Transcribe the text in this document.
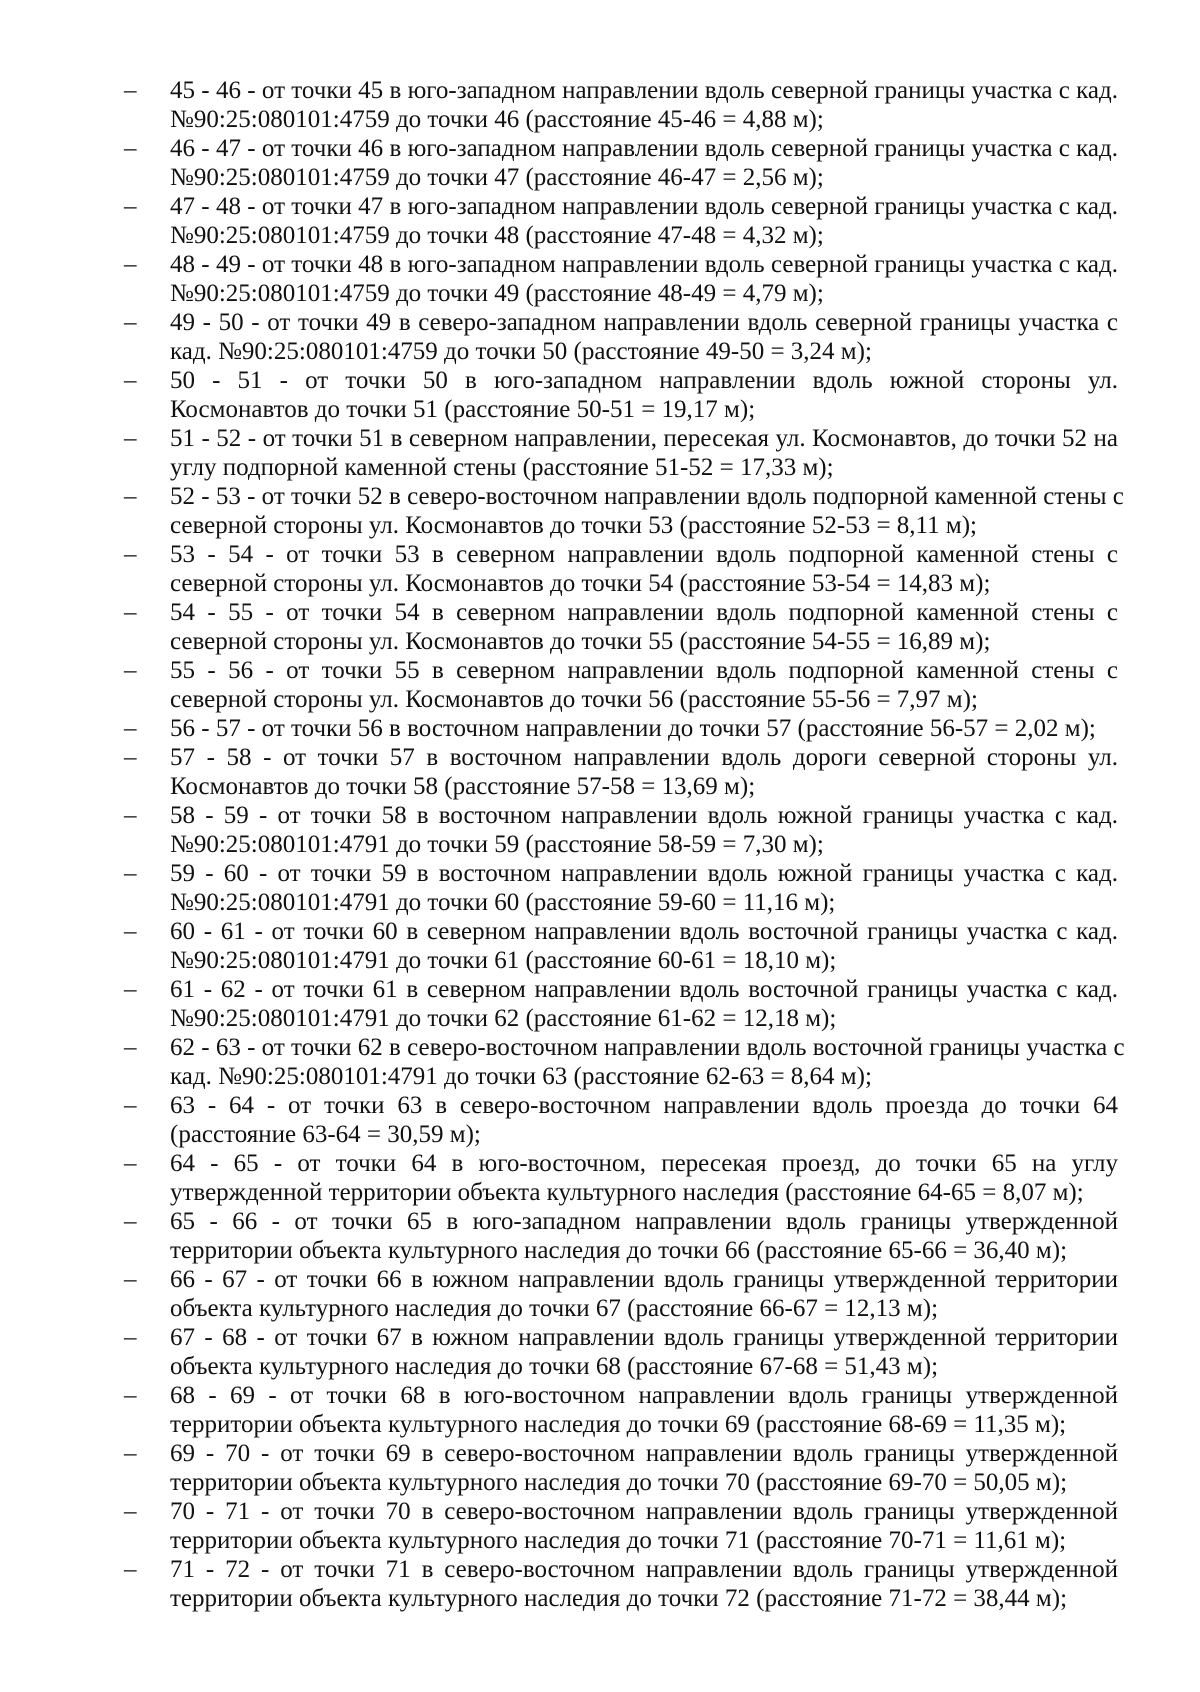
– 45 - 46 - от точки 45 в юго-западном направлении вдоль северной границы участка с кад.
№90:25:080101:4759 до точки 46 (расстояние 45-46 = 4,88 м);
– 46 - 47 - от точки 46 в юго-западном направлении вдоль северной границы участка с кад.
№90:25:080101:4759 до точки 47 (расстояние 46-47 = 2,56 м);
– 47 - 48 - от точки 47 в юго-западном направлении вдоль северной границы участка с кад.
№90:25:080101:4759 до точки 48 (расстояние 47-48 = 4,32 м);
– 48 - 49 - от точки 48 в юго-западном направлении вдоль северной границы участка с кад.
№90:25:080101:4759 до точки 49 (расстояние 48-49 = 4,79 м);
– 49 - 50 - от точки 49 в северо-западном направлении вдоль северной границы участка с
кад. №90:25:080101:4759 до точки 50 (расстояние 49-50 = 3,24 м);
– 50 - 51 - от точки 50 в юго-западном направлении вдоль южной стороны ул.
Космонавтов до точки 51 (расстояние 50-51 = 19,17 м);
– 51 - 52 - от точки 51 в северном направлении, пересекая ул. Космонавтов, до точки 52 на
углу подпорной каменной стены (расстояние 51-52 = 17,33 м);
– 52 - 53 - от точки 52 в северо-восточном направлении вдоль подпорной каменной стены с
северной стороны ул. Космонавтов до точки 53 (расстояние 52-53 = 8,11 м);
– 53 - 54 - от точки 53 в северном направлении вдоль подпорной каменной стены с
северной стороны ул. Космонавтов до точки 54 (расстояние 53-54 = 14,83 м);
– 54 - 55 - от точки 54 в северном направлении вдоль подпорной каменной стены с
северной стороны ул. Космонавтов до точки 55 (расстояние 54-55 = 16,89 м);
– 55 - 56 - от точки 55 в северном направлении вдоль подпорной каменной стены с
северной стороны ул. Космонавтов до точки 56 (расстояние 55-56 = 7,97 м);
– 56 - 57 - от точки 56 в восточном направлении до точки 57 (расстояние 56-57 = 2,02 м);
– 57 - 58 - от точки 57 в восточном направлении вдоль дороги северной стороны ул.
Космонавтов до точки 58 (расстояние 57-58 = 13,69 м);
– 58 - 59 - от точки 58 в восточном направлении вдоль южной границы участка с кад.
№90:25:080101:4791 до точки 59 (расстояние 58-59 = 7,30 м);
– 59 - 60 - от точки 59 в восточном направлении вдоль южной границы участка с кад.
№90:25:080101:4791 до точки 60 (расстояние 59-60 = 11,16 м);
– 60 - 61 - от точки 60 в северном направлении вдоль восточной границы участка с кад.
№90:25:080101:4791 до точки 61 (расстояние 60-61 = 18,10 м);
– 61 - 62 - от точки 61 в северном направлении вдоль восточной границы участка с кад.
№90:25:080101:4791 до точки 62 (расстояние 61-62 = 12,18 м);
– 62 - 63 - от точки 62 в северо-восточном направлении вдоль восточной границы участка с
кад. №90:25:080101:4791 до точки 63 (расстояние 62-63 = 8,64 м);
– 63 - 64 - от точки 63 в северо-восточном направлении вдоль проезда до точки 64
(расстояние 63-64 = 30,59 м);
– 64 - 65 - от точки 64 в юго-восточном, пересекая проезд, до точки 65 на углу
утвержденной территории объекта культурного наследия (расстояние 64-65 = 8,07 м);
– 65 - 66 - от точки 65 в юго-западном направлении вдоль границы утвержденной
территории объекта культурного наследия до точки 66 (расстояние 65-66 = 36,40 м);
– 66 - 67 - от точки 66 в южном направлении вдоль границы утвержденной территории
объекта культурного наследия до точки 67 (расстояние 66-67 = 12,13 м);
– 67 - 68 - от точки 67 в южном направлении вдоль границы утвержденной территории
объекта культурного наследия до точки 68 (расстояние 67-68 = 51,43 м);
– 68 - 69 - от точки 68 в юго-восточном направлении вдоль границы утвержденной
территории объекта культурного наследия до точки 69 (расстояние 68-69 = 11,35 м);
– 69 - 70 - от точки 69 в северо-восточном направлении вдоль границы утвержденной
территории объекта культурного наследия до точки 70 (расстояние 69-70 = 50,05 м);
– 70 - 71 - от точки 70 в северо-восточном направлении вдоль границы утвержденной
территории объекта культурного наследия до точки 71 (расстояние 70-71 = 11,61 м);
– 71 - 72 - от точки 71 в северо-восточном направлении вдоль границы утвержденной
территории объекта культурного наследия до точки 72 (расстояние 71-72 = 38,44 м);
